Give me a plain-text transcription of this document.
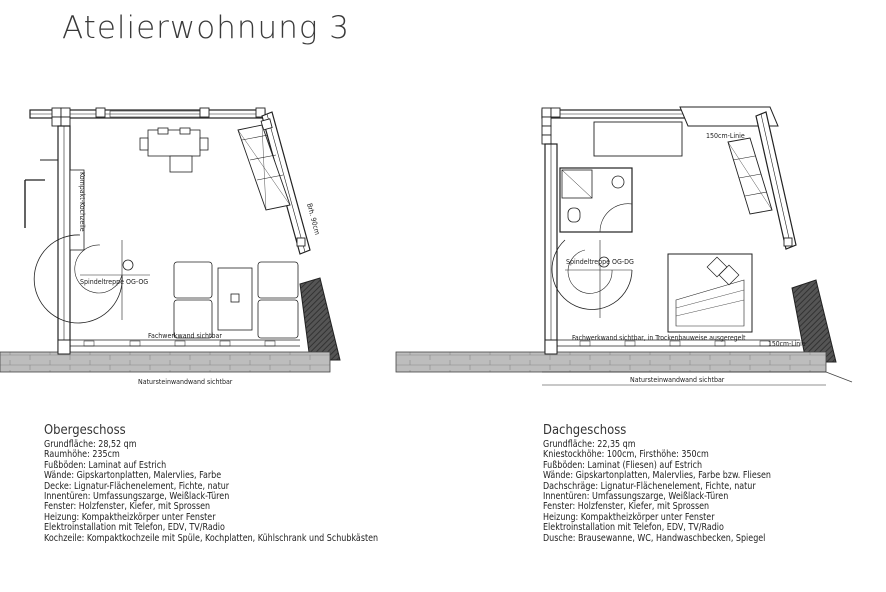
Atelierwohnung 3
Kompakt-Kochzeile
Spindeltreppe OG-OG
Fachwerkwand sichtbar
Natursteinwandwand sichtbar
Brh. 90cm
150cm-Linie
Spindeltreppe OG-DG
Fachwerkwand sichtbar, in Trockenbauweise ausgeregelt
150cm-Linie
Natursteinwandwand sichtbar
Obergeschoss
Grundfläche: 28,52 qm
Raumhöhe: 235cm
Fußböden: Laminat auf Estrich
Wände: Gipskartonplatten, Malervlies, Farbe
Decke: Lignatur-Flächenelement, Fichte, natur
Innentüren: Umfassungszarge, Weißlack-Türen
Fenster: Holzfenster, Kiefer, mit Sprossen
Heizung: Kompaktheizkörper unter Fenster
Elektroinstallation mit Telefon, EDV, TV/Radio
Kochzeile: Kompaktkochzeile mit Spüle, Kochplatten, Kühlschrank und Schubkästen
Dachgeschoss
Grundfläche: 22,35 qm
Kniestockhöhe: 100cm, Firsthöhe: 350cm
Fußböden: Laminat (Fliesen) auf Estrich
Wände: Gipskartonplatten, Malervlies, Farbe bzw. Fliesen
Dachschräge: Lignatur-Flächenelement, Fichte, natur
Innentüren: Umfassungszarge, Weißlack-Türen
Fenster: Holzfenster, Kiefer, mit Sprossen
Heizung: Kompaktheizkörper unter Fenster
Elektroinstallation mit Telefon, EDV, TV/Radio
Dusche: Brausewanne, WC, Handwaschbecken, Spiegel
